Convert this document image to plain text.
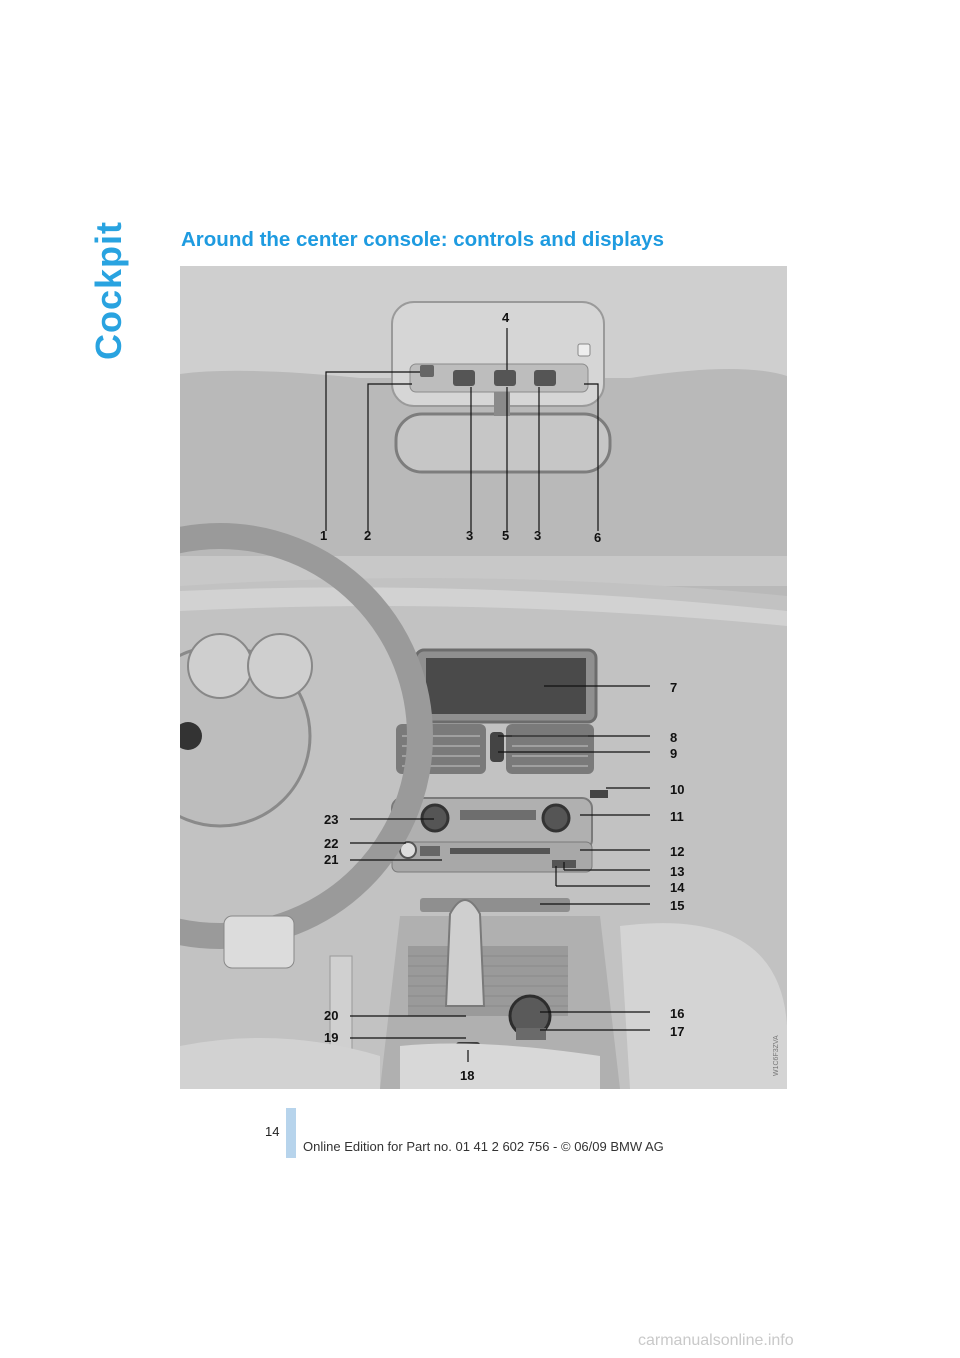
Cockpit	Around the center console: controls and displays
1	2	3
4
5 3	6
7
8
9
10
11
12
13
14
15
16
17
18
19
20
21
22
23
W1C6F3ZVA
14
Online Edition for Part no. 01 41 2 602 756 - © 06/09 BMW AG
carmanualsonline.info
